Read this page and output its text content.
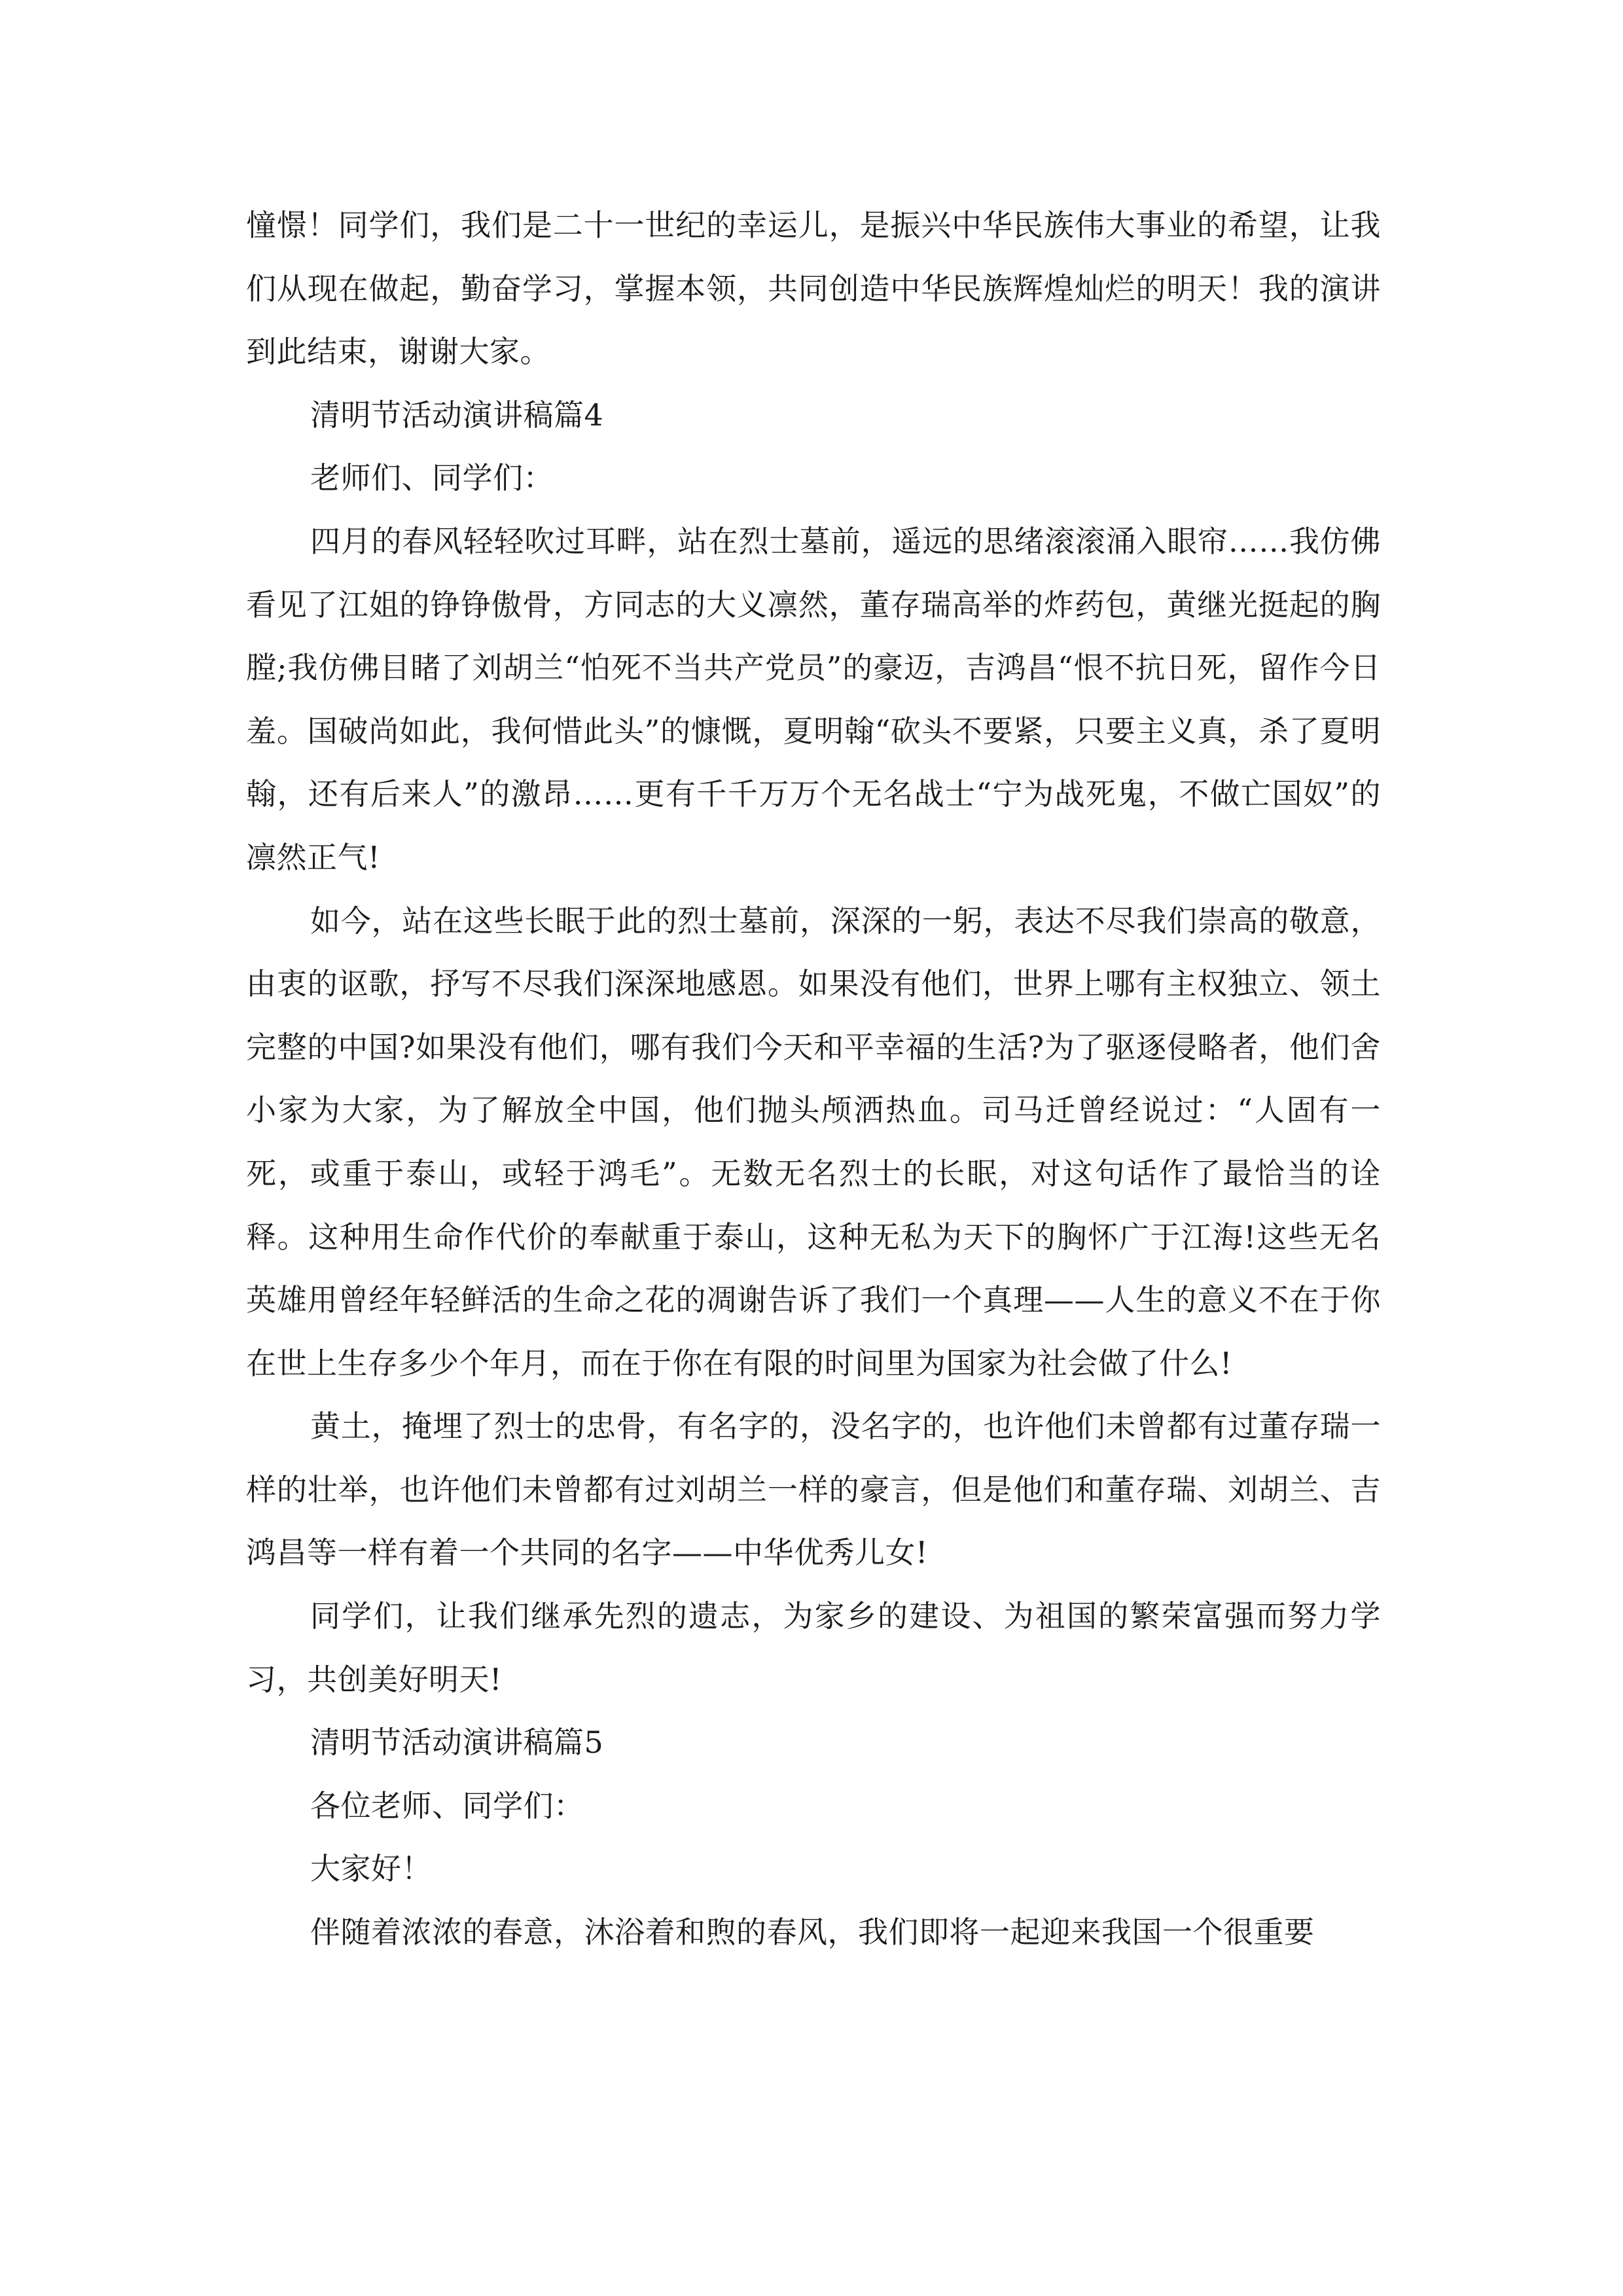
憧憬！同学们，我们是二十一世纪的幸运儿，是振兴中华民族伟大事业的希望，让我们从现在做起，勤奋学习，掌握本领，共同创造中华民族辉煌灿烂的明天！我的演讲到此结束，谢谢大家。

清明节活动演讲稿篇4

老师们、同学们：

四月的春风轻轻吹过耳畔，站在烈士墓前，遥远的思绪滚滚涌入眼帘……我仿佛看见了江姐的铮铮傲骨，方同志的大义凛然，董存瑞高举的炸药包，黄继光挺起的胸膛;我仿佛目睹了刘胡兰“怕死不当共产党员”的豪迈，吉鸿昌“恨不抗日死，留作今日羞。国破尚如此，我何惜此头”的慷慨，夏明翰“砍头不要紧，只要主义真，杀了夏明翰，还有后来人”的激昂……更有千千万万个无名战士“宁为战死鬼，不做亡国奴”的凛然正气!

如今，站在这些长眠于此的烈士墓前，深深的一躬，表达不尽我们崇高的敬意，由衷的讴歌，抒写不尽我们深深地感恩。如果没有他们，世界上哪有主权独立、领土完整的中国?如果没有他们，哪有我们今天和平幸福的生活?为了驱逐侵略者，他们舍小家为大家，为了解放全中国，他们抛头颅洒热血。司马迁曾经说过：“人固有一死，或重于泰山，或轻于鸿毛”。无数无名烈士的长眠，对这句话作了最恰当的诠释。这种用生命作代价的奉献重于泰山，这种无私为天下的胸怀广于江海!这些无名英雄用曾经年轻鲜活的生命之花的凋谢告诉了我们一个真理——人生的意义不在于你在世上生存多少个年月，而在于你在有限的时间里为国家为社会做了什么!

黄土，掩埋了烈士的忠骨，有名字的，没名字的，也许他们未曾都有过董存瑞一样的壮举，也许他们未曾都有过刘胡兰一样的豪言，但是他们和董存瑞、刘胡兰、吉鸿昌等一样有着一个共同的名字——中华优秀儿女!

同学们，让我们继承先烈的遗志，为家乡的建设、为祖国的繁荣富强而努力学习，共创美好明天!

清明节活动演讲稿篇5

各位老师、同学们：

大家好！

伴随着浓浓的春意，沐浴着和煦的春风，我们即将一起迎来我国一个很重要
